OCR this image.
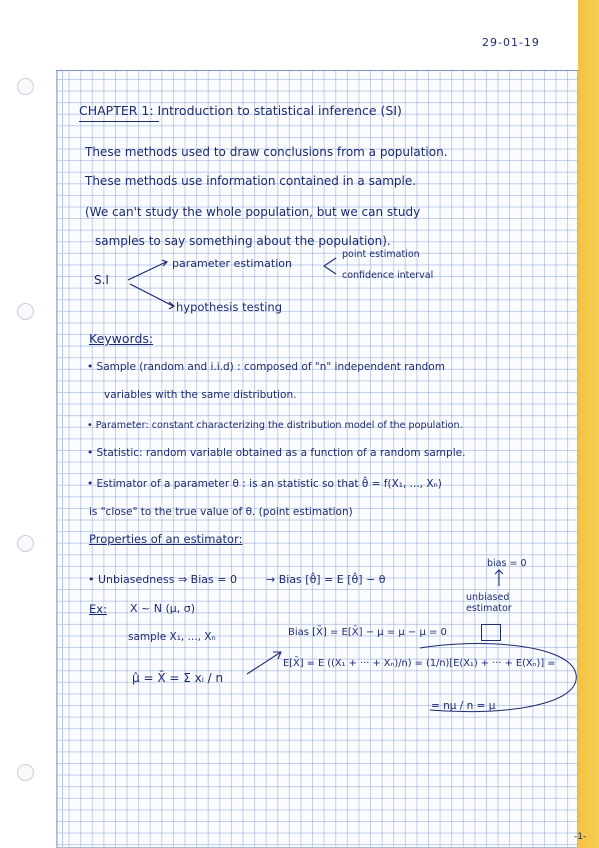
29-01-19
CHAPTER 1: Introduction to statistical inference (SI)
These methods used to draw conclusions from a population.
These methods use information contained in a sample.
(We can't study the whole population, but we can study
samples to say something about the population).
S.I
parameter estimation
point estimation
confidence interval
hypothesis testing
Keywords:
• Sample (random and i.i.d) : composed of "n" independent random
variables with the same distribution.
• Parameter: constant characterizing the distribution model of the population.
• Statistic: random variable obtained as a function of a random sample.
• Estimator of a parameter θ : is an statistic so that θ̂ = f(X₁, ..., Xₙ)
is "close" to the true value of θ. (point estimation)
Properties of an estimator:
bias = 0
• Unbiasedness ⇒ Bias = 0	→ Bias [θ̂] = E [θ̂] − θ
unbiased estimator
Ex: X ~ N (μ, σ)
sample X₁, ..., Xₙ	Bias [X̄] = E[X̄] − μ = μ − μ = 0
μ̂ = X̄ = Σ xᵢ / n
E[X̄] = E ((X₁ + ··· + Xₙ)/n) = (1/n)[E(X₁) + ··· + E(Xₙ)] =
= nμ / n = μ
-1-
